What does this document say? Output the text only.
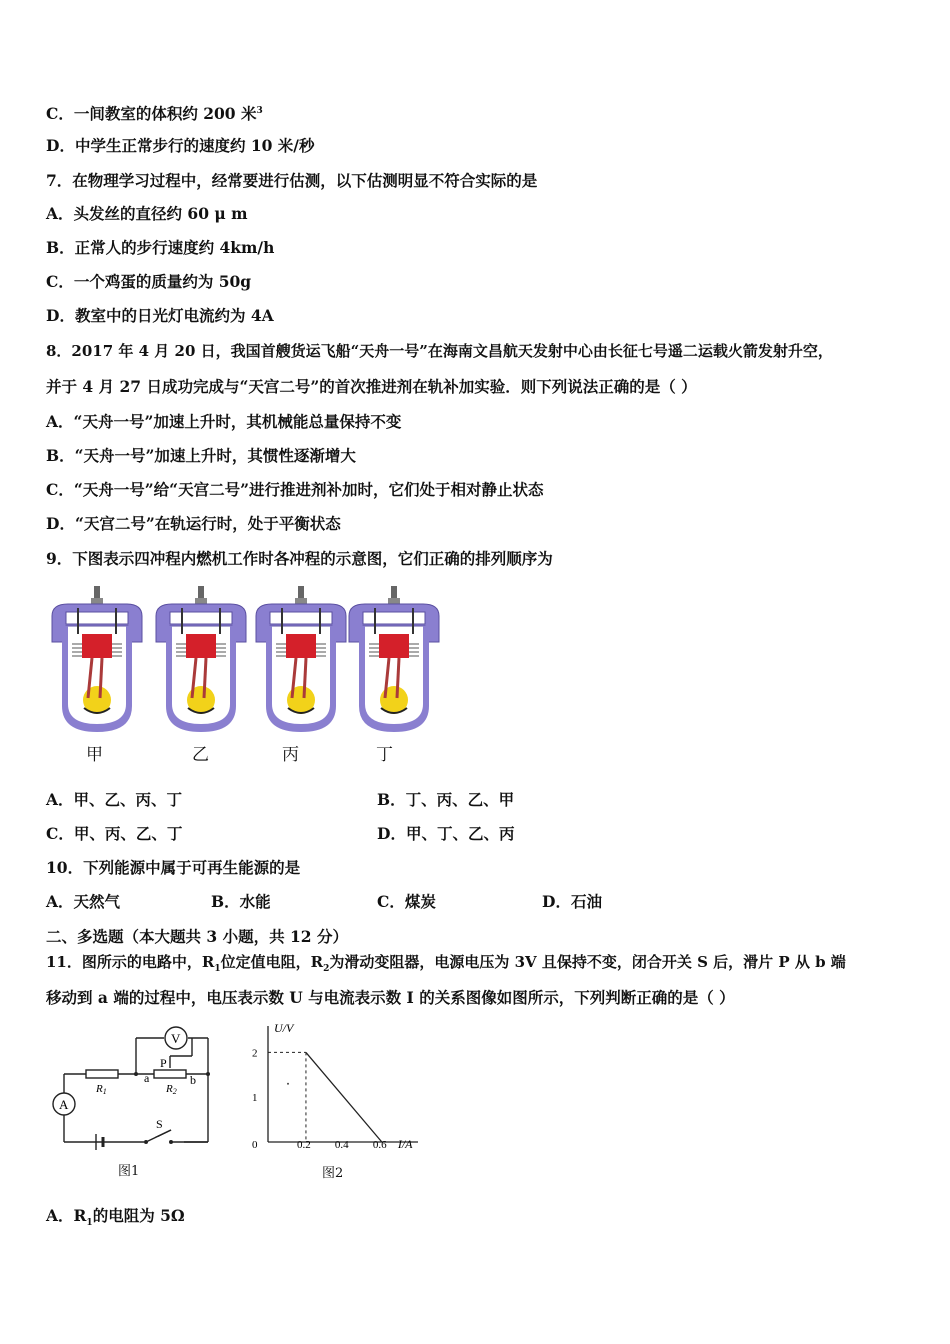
C．一间教室的体积约 200 米$^3$
D．中学生正常步行的速度约 10 米/秒
7．在物理学习过程中，经常要进行估测，以下估测明显不符合实际的是
A．头发丝的直径约 60 μ m
B．正常人的步行速度约 4km/h
C．一个鸡蛋的质量约为 50g
D．教室中的日光灯电流约为 4A
8．2017 年 4 月 20 日，我国首艘货运飞船“天舟一号”在海南文昌航天发射中心由长征七号遥二运载火箭发射升空，
并于 4 月 27 日成功完成与“天宫二号”的首次推进剂在轨补加实验．则下列说法正确的是（ ）
A．“天舟一号”加速上升时，其机械能总量保持不变
B．“天舟一号”加速上升时，其惯性逐渐增大
C．“天舟一号”给“天宫二号”进行推进剂补加时，它们处于相对静止状态
D．“天宫二号”在轨运行时，处于平衡状态
9．下图表示四冲程内燃机工作时各冲程的示意图，它们正确的排列顺序为
甲	乙	丙	丁
A．甲、乙、丙、丁	B．丁、丙、乙、甲
C．甲、丙、乙、丁	D．甲、丁、乙、丙
10．下列能源中属于可再生能源的是
A．天然气	B．水能	C．煤炭	D．石油
二、多选题（本大题共 3 小题，共 12 分）
11．图所示的电路中，$R_1$位定值电阻，$R_2$为滑动变阻器，电源电压为 3V 且保持不变，闭合开关 S 后，滑片 P 从 b 端
移动到 a 端的过程中，电压表示数 U 与电流表示数 I 的关系图像如图所示，下列判断正确的是（ ）
V
A
P
a	b
S
R1	R2
图1
U/V
I/A
2
1
0	0.2 0.4 0.6
图2
A．$R_1$的电阻为 5Ω
